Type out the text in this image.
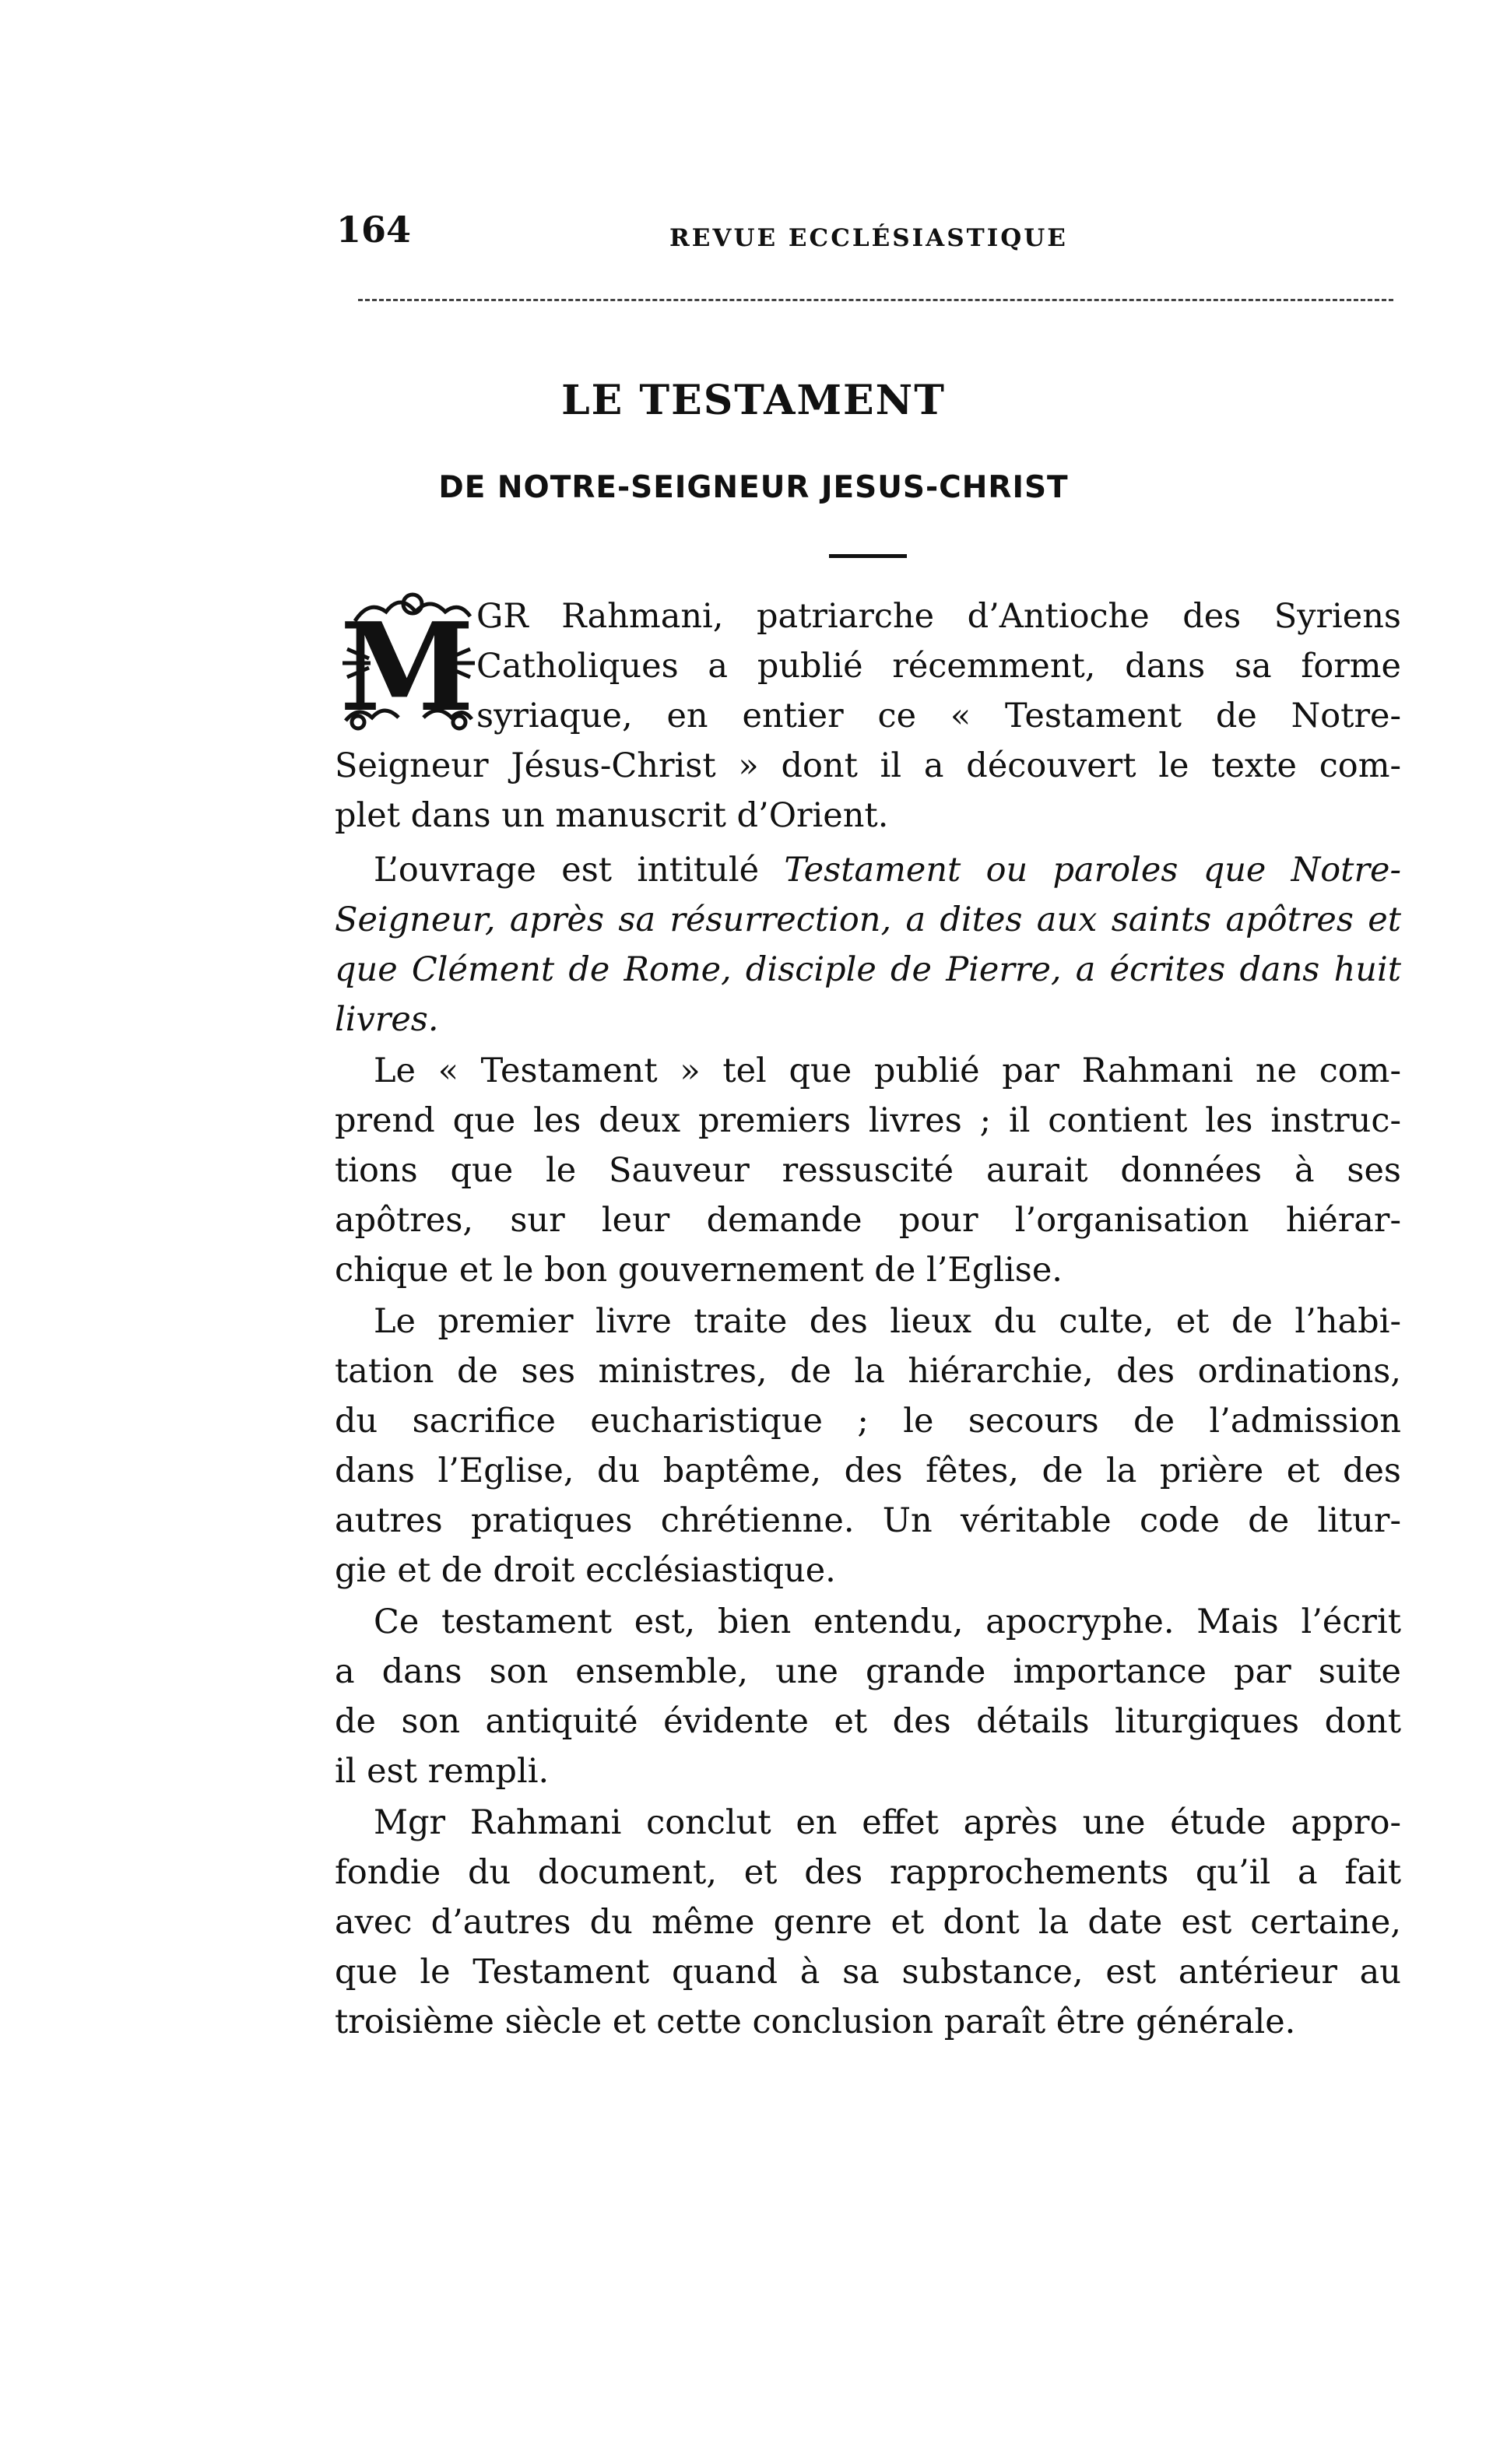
164	REVUE ECCLÉSIASTIQUE
LE TESTAMENT
DE NOTRE-SEIGNEUR JESUS-CHRIST
M GR Rahmani, patriarche d’Antioche des Syriens
Catholiques a publié récemment, dans sa forme
syriaque, en entier ce « Testament de Notre-
Seigneur Jésus-Christ » dont il a découvert le texte com-
plet dans un manuscrit d’Orient.
L’ouvrage est intitulé Testament ou paroles que Notre-
Seigneur, après sa résurrection, a dites aux saints apôtres et
que Clément de Rome, disciple de Pierre, a écrites dans huit
livres.
Le « Testament » tel que publié par Rahmani ne com-
prend que les deux premiers livres ; il contient les instruc-
tions que le Sauveur ressuscité aurait données à ses
apôtres, sur leur demande pour l’organisation hiérar-
chique et le bon gouvernement de l’Eglise.
Le premier livre traite des lieux du culte, et de l’habi-
tation de ses ministres, de la hiérarchie, des ordinations,
du sacrifice eucharistique ; le secours de l’admission
dans l’Eglise, du baptême, des fêtes, de la prière et des
autres pratiques chrétienne. Un véritable code de litur-
gie et de droit ecclésiastique.
Ce testament est, bien entendu, apocryphe. Mais l’écrit
a dans son ensemble, une grande importance par suite
de son antiquité évidente et des détails liturgiques dont
il est rempli.
Mgr Rahmani conclut en effet après une étude appro-
fondie du document, et des rapprochements qu’il a fait
avec d’autres du même genre et dont la date est certaine,
que le Testament quand à sa substance, est antérieur au
troisième siècle et cette conclusion paraît être générale.
